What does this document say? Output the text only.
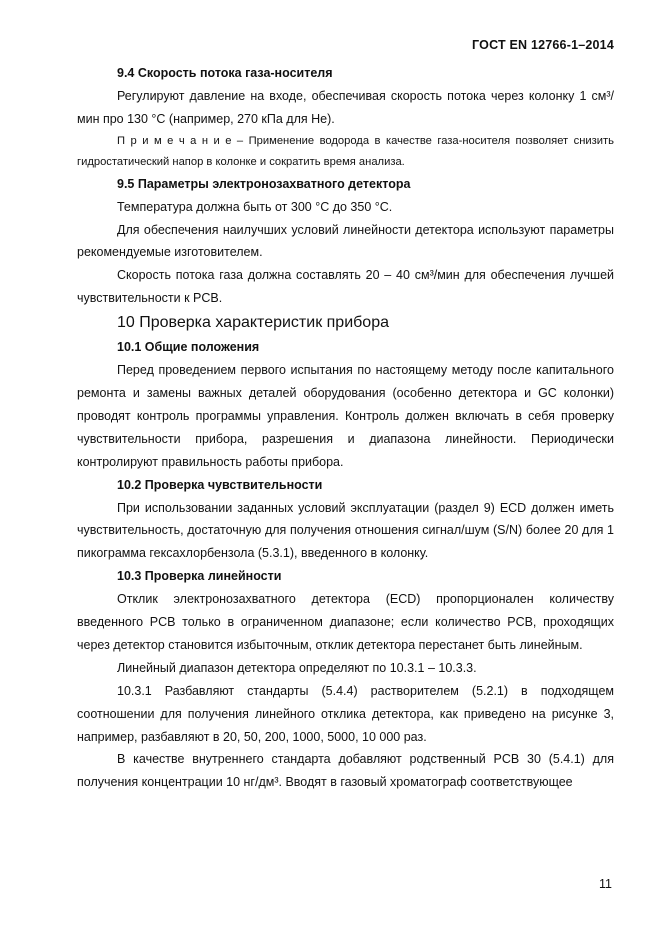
ГОСТ EN 12766-1–2014

9.4 Скорость потока газа-носителя

Регулируют давление на входе, обеспечивая скорость потока через колонку 1 см³/мин про 130 °C (например, 270 кПа для He).

П р и м е ч а н и е – Применение водорода в качестве газа-носителя позволяет снизить гидростатический напор в колонке и сократить время анализа.

9.5 Параметры электронозахватного детектора

Температура должна быть от 300 °C до 350 °C.

Для обеспечения наилучших условий линейности детектора используют параметры рекомендуемые изготовителем.

Скорость потока газа должна составлять 20 – 40 см³/мин для обеспечения лучшей чувствительности к PCB.

10 Проверка характеристик прибора

10.1 Общие положения

Перед проведением первого испытания по настоящему методу после капитального ремонта и замены важных деталей оборудования (особенно детектора и GC колонки) проводят контроль программы управления. Контроль должен включать в себя проверку чувствительности прибора, разрешения и диапазона линейности. Периодически контролируют правильность работы прибора.

10.2 Проверка чувствительности

При использовании заданных условий эксплуатации (раздел 9) ECD должен иметь чувствительность, достаточную для получения отношения сигнал/шум (S/N) более 20 для 1 пикограмма гексахлорбензола (5.3.1), введенного в колонку.

10.3 Проверка линейности

Отклик электронозахватного детектора (ECD) пропорционален количеству введенного PCB только в ограниченном диапазоне; если количество PCB, проходящих через детектор становится избыточным, отклик детектора перестанет быть линейным.

Линейный диапазон детектора определяют по 10.3.1 – 10.3.3.

10.3.1 Разбавляют стандарты (5.4.4) растворителем (5.2.1) в подходящем соотношении для получения линейного отклика детектора, как приведено на рисунке 3, например, разбавляют в 20, 50, 200, 1000, 5000, 10 000 раз.

В качестве внутреннего стандарта добавляют родственный PCB 30 (5.4.1) для получения концентрации 10 нг/дм³. Вводят в газовый хроматограф соответствующее

11
